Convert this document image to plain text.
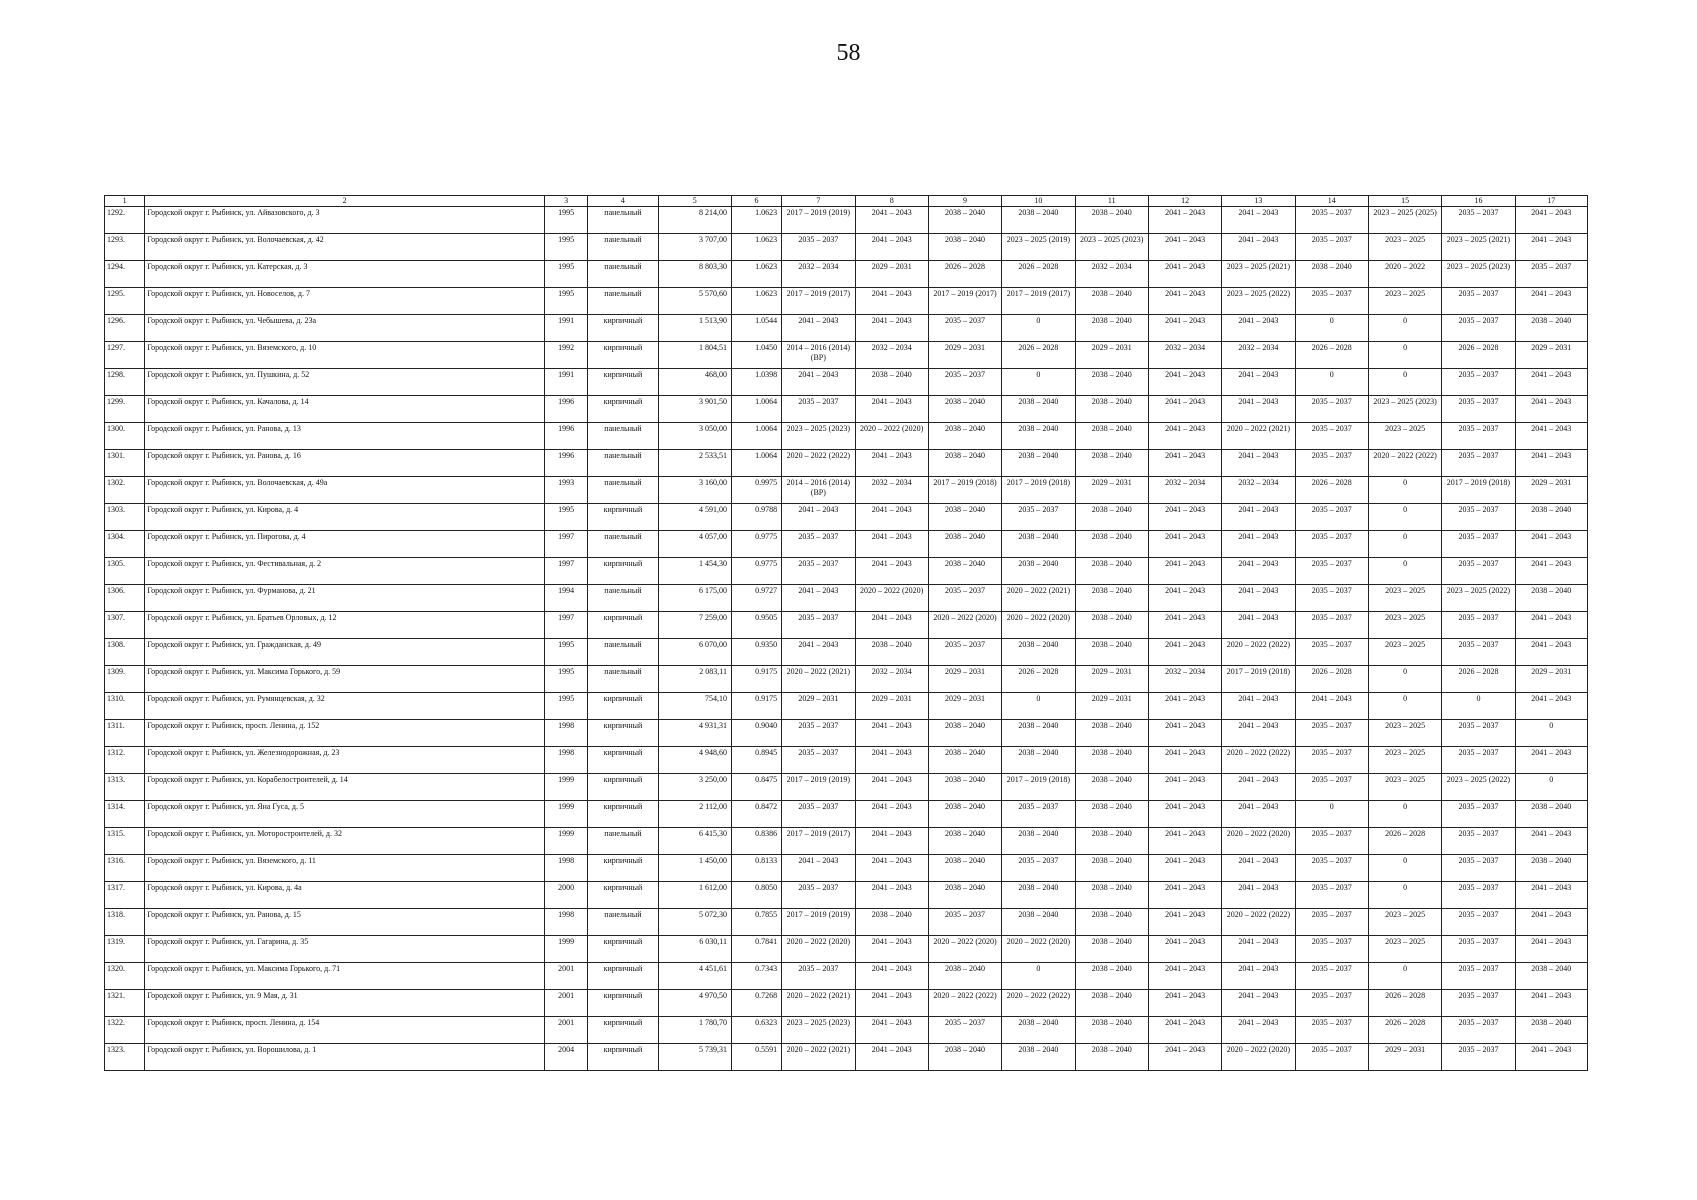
58
1	2	3	4	5	6	7	8	9	10	11	12	13	14	15	16	17
1292.	Городской округ г. Рыбинск, ул. Айвазовского, д. 3	1995	панельный	8 214,00	1.0623	2017 – 2019 (2019)	2041 – 2043	2038 – 2040	2038 – 2040	2038 – 2040	2041 – 2043	2041 – 2043	2035 – 2037	2023 – 2025 (2025)	2035 – 2037	2041 – 2043
1293.	Городской округ г. Рыбинск, ул. Волочаевская, д. 42	1995	панельный	3 707,00	1.0623	2035 – 2037	2041 – 2043	2038 – 2040	2023 – 2025 (2019)	2023 – 2025 (2023)	2041 – 2043	2041 – 2043	2035 – 2037	2023 – 2025	2023 – 2025 (2021)	2041 – 2043
1294.	Городской округ г. Рыбинск, ул. Катерская, д. 3	1995	панельный	8 803,30	1.0623	2032 – 2034	2029 – 2031	2026 – 2028	2026 – 2028	2032 – 2034	2041 – 2043	2023 – 2025 (2021)	2038 – 2040	2020 – 2022	2023 – 2025 (2023)	2035 – 2037
1295.	Городской округ г. Рыбинск, ул. Новоселов, д. 7	1995	панельный	5 570,60	1.0623	2017 – 2019 (2017)	2041 – 2043	2017 – 2019 (2017)	2017 – 2019 (2017)	2038 – 2040	2041 – 2043	2023 – 2025 (2022)	2035 – 2037	2023 – 2025	2035 – 2037	2041 – 2043
1296.	Городской округ г. Рыбинск, ул. Чебышева, д. 23а	1991	кирпичный	1 513,90	1.0544	2041 – 2043	2041 – 2043	2035 – 2037	0	2038 – 2040	2041 – 2043	2041 – 2043	0	0	2035 – 2037	2038 – 2040
1297.	Городской округ г. Рыбинск, ул. Вяземского, д. 10	1992	кирпичный	1 804,51	1.0450	2014 – 2016 (2014) (ВР)	2032 – 2034	2029 – 2031	2026 – 2028	2029 – 2031	2032 – 2034	2032 – 2034	2026 – 2028	0	2026 – 2028	2029 – 2031
1298.	Городской округ г. Рыбинск, ул. Пушкина, д. 52	1991	кирпичный	468,00	1.0398	2041 – 2043	2038 – 2040	2035 – 2037	0	2038 – 2040	2041 – 2043	2041 – 2043	0	0	2035 – 2037	2041 – 2043
1299.	Городской округ г. Рыбинск, ул. Качалова, д. 14	1996	кирпичный	3 901,50	1.0064	2035 – 2037	2041 – 2043	2038 – 2040	2038 – 2040	2038 – 2040	2041 – 2043	2041 – 2043	2035 – 2037	2023 – 2025 (2023)	2035 – 2037	2041 – 2043
1300.	Городской округ г. Рыбинск, ул. Ранова, д. 13	1996	панельный	3 050,00	1.0064	2023 – 2025 (2023)	2020 – 2022 (2020)	2038 – 2040	2038 – 2040	2038 – 2040	2041 – 2043	2020 – 2022 (2021)	2035 – 2037	2023 – 2025	2035 – 2037	2041 – 2043
1301.	Городской округ г. Рыбинск, ул. Ранова, д. 16	1996	панельный	2 533,51	1.0064	2020 – 2022 (2022)	2041 – 2043	2038 – 2040	2038 – 2040	2038 – 2040	2041 – 2043	2041 – 2043	2035 – 2037	2020 – 2022 (2022)	2035 – 2037	2041 – 2043
1302.	Городской округ г. Рыбинск, ул. Волочаевская, д. 49а	1993	панельный	3 160,00	0.9975	2014 – 2016 (2014) (ВР)	2032 – 2034	2017 – 2019 (2018)	2017 – 2019 (2018)	2029 – 2031	2032 – 2034	2032 – 2034	2026 – 2028	0	2017 – 2019 (2018)	2029 – 2031
1303.	Городской округ г. Рыбинск, ул. Кирова, д. 4	1995	кирпичный	4 591,00	0.9788	2041 – 2043	2041 – 2043	2038 – 2040	2035 – 2037	2038 – 2040	2041 – 2043	2041 – 2043	2035 – 2037	0	2035 – 2037	2038 – 2040
1304.	Городской округ г. Рыбинск, ул. Пирогова, д. 4	1997	панельный	4 057,00	0.9775	2035 – 2037	2041 – 2043	2038 – 2040	2038 – 2040	2038 – 2040	2041 – 2043	2041 – 2043	2035 – 2037	0	2035 – 2037	2041 – 2043
1305.	Городской округ г. Рыбинск, ул. Фестивальная, д. 2	1997	кирпичный	1 454,30	0.9775	2035 – 2037	2041 – 2043	2038 – 2040	2038 – 2040	2038 – 2040	2041 – 2043	2041 – 2043	2035 – 2037	0	2035 – 2037	2041 – 2043
1306.	Городской округ г. Рыбинск, ул. Фурманова, д. 21	1994	панельный	6 175,00	0.9727	2041 – 2043	2020 – 2022 (2020)	2035 – 2037	2020 – 2022 (2021)	2038 – 2040	2041 – 2043	2041 – 2043	2035 – 2037	2023 – 2025	2023 – 2025 (2022)	2038 – 2040
1307.	Городской округ г. Рыбинск, ул. Братьев Орловых, д. 12	1997	кирпичный	7 259,00	0.9505	2035 – 2037	2041 – 2043	2020 – 2022 (2020)	2020 – 2022 (2020)	2038 – 2040	2041 – 2043	2041 – 2043	2035 – 2037	2023 – 2025	2035 – 2037	2041 – 2043
1308.	Городской округ г. Рыбинск, ул. Гражданская, д. 49	1995	панельный	6 070,00	0.9350	2041 – 2043	2038 – 2040	2035 – 2037	2038 – 2040	2038 – 2040	2041 – 2043	2020 – 2022 (2022)	2035 – 2037	2023 – 2025	2035 – 2037	2041 – 2043
1309.	Городской округ г. Рыбинск, ул. Максима Горького, д. 59	1995	панельный	2 083,11	0.9175	2020 – 2022 (2021)	2032 – 2034	2029 – 2031	2026 – 2028	2029 – 2031	2032 – 2034	2017 – 2019 (2018)	2026 – 2028	0	2026 – 2028	2029 – 2031
1310.	Городской округ г. Рыбинск, ул. Румянцевская, д. 32	1995	кирпичный	754,10	0.9175	2029 – 2031	2029 – 2031	2029 – 2031	0	2029 – 2031	2041 – 2043	2041 – 2043	2041 – 2043	0	0	2041 – 2043
1311.	Городской округ г. Рыбинск, просп. Ленина, д. 152	1998	кирпичный	4 931,31	0.9040	2035 – 2037	2041 – 2043	2038 – 2040	2038 – 2040	2038 – 2040	2041 – 2043	2041 – 2043	2035 – 2037	2023 – 2025	2035 – 2037	0
1312.	Городской округ г. Рыбинск, ул. Железнодорожная, д. 23	1998	кирпичный	4 948,60	0.8945	2035 – 2037	2041 – 2043	2038 – 2040	2038 – 2040	2038 – 2040	2041 – 2043	2020 – 2022 (2022)	2035 – 2037	2023 – 2025	2035 – 2037	2041 – 2043
1313.	Городской округ г. Рыбинск, ул. Корабелостроителей, д. 14	1999	кирпичный	3 250,00	0.8475	2017 – 2019 (2019)	2041 – 2043	2038 – 2040	2017 – 2019 (2018)	2038 – 2040	2041 – 2043	2041 – 2043	2035 – 2037	2023 – 2025	2023 – 2025 (2022)	0
1314.	Городской округ г. Рыбинск, ул. Яна Гуса, д. 5	1999	кирпичный	2 112,00	0.8472	2035 – 2037	2041 – 2043	2038 – 2040	2035 – 2037	2038 – 2040	2041 – 2043	2041 – 2043	0	0	2035 – 2037	2038 – 2040
1315.	Городской округ г. Рыбинск, ул. Моторостроителей, д. 32	1999	панельный	6 415,30	0.8386	2017 – 2019 (2017)	2041 – 2043	2038 – 2040	2038 – 2040	2038 – 2040	2041 – 2043	2020 – 2022 (2020)	2035 – 2037	2026 – 2028	2035 – 2037	2041 – 2043
1316.	Городской округ г. Рыбинск, ул. Вяземского, д. 11	1998	кирпичный	1 450,00	0.8133	2041 – 2043	2041 – 2043	2038 – 2040	2035 – 2037	2038 – 2040	2041 – 2043	2041 – 2043	2035 – 2037	0	2035 – 2037	2038 – 2040
1317.	Городской округ г. Рыбинск, ул. Кирова, д. 4а	2000	кирпичный	1 612,00	0.8050	2035 – 2037	2041 – 2043	2038 – 2040	2038 – 2040	2038 – 2040	2041 – 2043	2041 – 2043	2035 – 2037	0	2035 – 2037	2041 – 2043
1318.	Городской округ г. Рыбинск, ул. Ранова, д. 15	1998	панельный	5 072,30	0.7855	2017 – 2019 (2019)	2038 – 2040	2035 – 2037	2038 – 2040	2038 – 2040	2041 – 2043	2020 – 2022 (2022)	2035 – 2037	2023 – 2025	2035 – 2037	2041 – 2043
1319.	Городской округ г. Рыбинск, ул. Гагарина, д. 35	1999	кирпичный	6 030,11	0.7841	2020 – 2022 (2020)	2041 – 2043	2020 – 2022 (2020)	2020 – 2022 (2020)	2038 – 2040	2041 – 2043	2041 – 2043	2035 – 2037	2023 – 2025	2035 – 2037	2041 – 2043
1320.	Городской округ г. Рыбинск, ул. Максима Горького, д. 71	2001	кирпичный	4 451,61	0.7343	2035 – 2037	2041 – 2043	2038 – 2040	0	2038 – 2040	2041 – 2043	2041 – 2043	2035 – 2037	0	2035 – 2037	2038 – 2040
1321.	Городской округ г. Рыбинск, ул. 9 Мая, д. 31	2001	кирпичный	4 970,50	0.7268	2020 – 2022 (2021)	2041 – 2043	2020 – 2022 (2022)	2020 – 2022 (2022)	2038 – 2040	2041 – 2043	2041 – 2043	2035 – 2037	2026 – 2028	2035 – 2037	2041 – 2043
1322.	Городской округ г. Рыбинск, просп. Ленина, д. 154	2001	кирпичный	1 780,70	0.6323	2023 – 2025 (2023)	2041 – 2043	2035 – 2037	2038 – 2040	2038 – 2040	2041 – 2043	2041 – 2043	2035 – 2037	2026 – 2028	2035 – 2037	2038 – 2040
1323.	Городской округ г. Рыбинск, ул. Ворошилова, д. 1	2004	кирпичный	5 739,31	0.5591	2020 – 2022 (2021)	2041 – 2043	2038 – 2040	2038 – 2040	2038 – 2040	2041 – 2043	2020 – 2022 (2020)	2035 – 2037	2029 – 2031	2035 – 2037	2041 – 2043
